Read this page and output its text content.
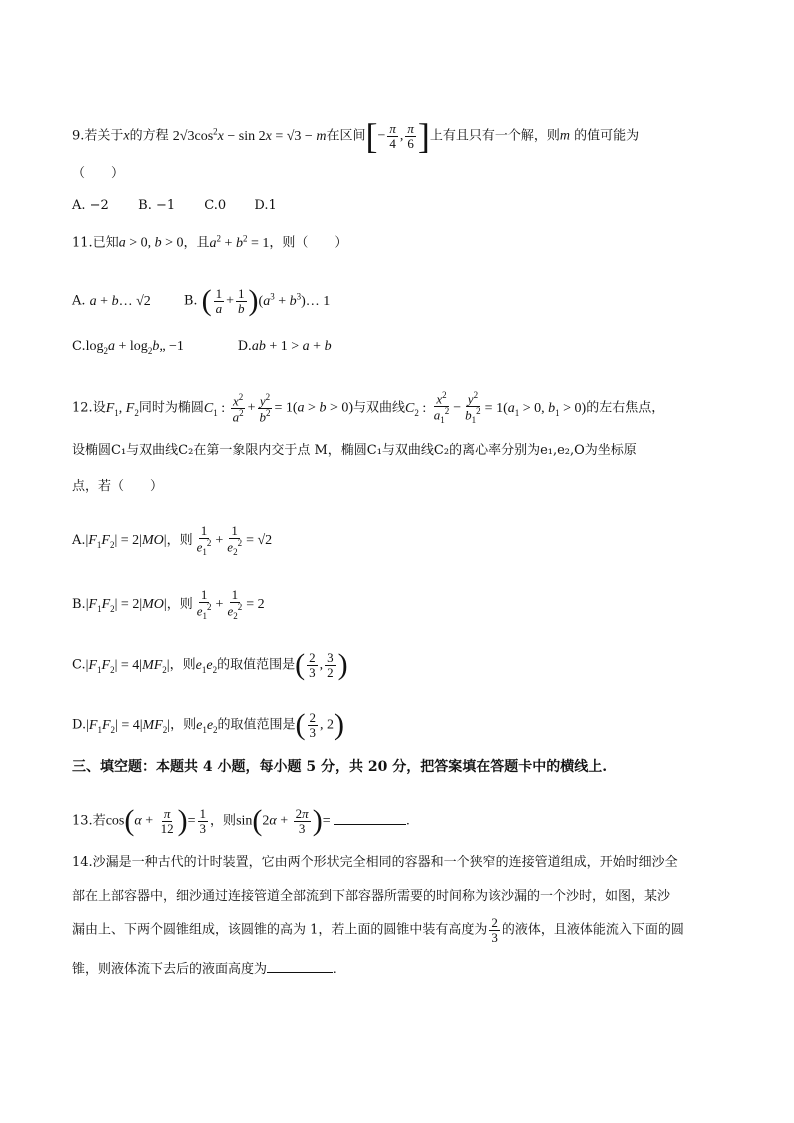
9.若关于x的方程 $2√3\cos^2x - \sin 2x = √3 - m$在区间[− $\frac{\pi}{4}$ , $\frac{\pi}{6}$ ]上有且只有一个解，则m 的值可能为
（　　）
A. −2 B. −1 C.0 D.1
11.已知a > 0, b > 0，且$a^2 + b^2 = 1$，则（　　）
A. a + b… √2	B. ( $\frac{1}{a} + \frac{1}{b} )(a^3$ + $b^3)\dots$ 1
$C.\log_2a$ + $\log_2b„ -1$	D.ab + 1 > a + b
12.设$F_1$, $F_2$同时为椭圆$C_1$ : $\frac{x^2}{a^2} + \frac{y^2}{b^2} = 1(a > b > 0)$与双曲线$C_2$ : $\frac{x^2}{a_1^2} - \frac{y^2}{b_1^2} = 1(a_1 > 0$, $b_1 > 0$)的左右焦点，
设椭圆C₁与双曲线C₂在第一象限内交于点 M，椭圆C₁与双曲线C₂的离心率分别为e₁,e₂,O为坐标原
点，若（　　）
$A.|F_1F_2| = 2|MO|$，则 $\frac{1}{e_1^2} + \frac{1}{e_2^2} = √2$
$B.|F_1F_2| = 2|MO|$，则 $\frac{1}{e_1^2} + \frac{1}{e_2^2} = 2$
$C.|F_1F_2| = 4|MF_2|$，则$e_1e_2$的取值范围是( $\frac{2}{3}$ , $\frac{3}{2}$ )
$D.|F_1F_2| = 4|MF_2|$，则$e_1e_2$的取值范围是( $\frac{2}{3}$ , 2)
三、填空题：本题共 4 小题，每小题 5 分，共 20 分，把答案填在答题卡中的横线上.
13.若$\cos(\alpha + \frac{\pi}{12}$ )= $\frac{1}{3}$ ，则$\sin(2\alpha + \frac{2\pi}{3}$ )=	.
14.沙漏是一种古代的计时装置，它由两个形状完全相同的容器和一个狭窄的连接管道组成，开始时细沙全
部在上部容器中，细沙通过连接管道全部流到下部容器所需要的时间称为该沙漏的一个沙时，如图，某沙
漏由上、下两个圆锥组成，该圆锥的高为 1，若上面的圆锥中装有高度为 $\frac{2}{3}$ 的液体，且液体能流入下面的圆
锥，则液体流下去后的液面高度为	.
